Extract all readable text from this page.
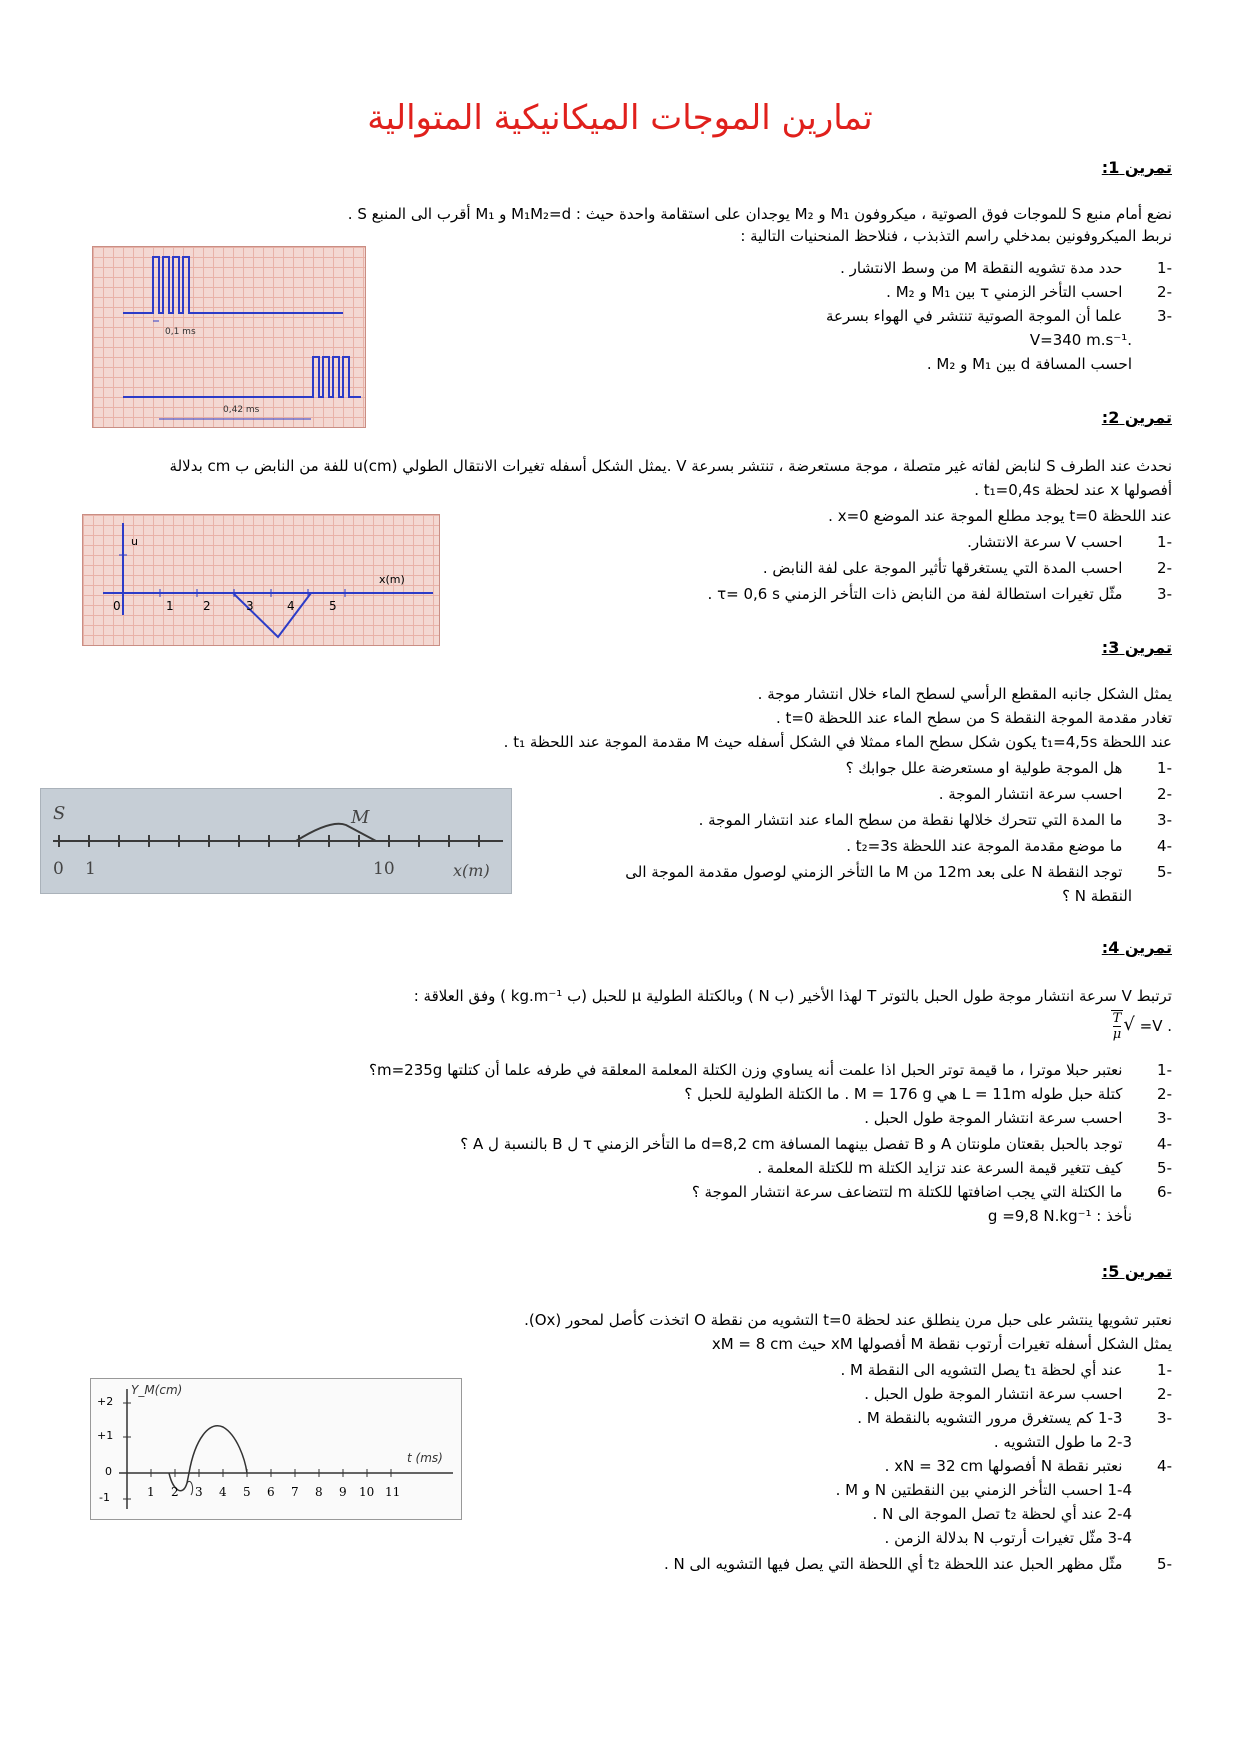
تمارين الموجات الميكانيكية المتوالية
تمرين 1:
نضع أمام منبع S للموجات فوق الصوتية ، ميكروفون M₁ و M₂ يوجدان على استقامة واحدة حيث : M₁M₂=d و M₁ أقرب الى المنبع S .
نربط الميكروفونين بمدخلي راسم التذبذب ، فنلاحظ المنحنيات التالية :
0,1 ms
0,42 ms
-1  حدد مدة تشويه النقطة M من وسط الانتشار .
-2  احسب التأخر الزمني τ بين M₁ و M₂ .
-3  علما أن الموجة الصوتية تنتشر في الهواء بسرعة
.V=340 m.s⁻¹
احسب المسافة d بين M₁ و M₂ .
تمرين 2:
نحدث عند الطرف S لنابض لفاته غير متصلة ، موجة مستعرضة ، تنتشر بسرعة V .يمثل الشكل أسفله تغيرات الانتقال الطولي u(cm) للفة من النابض ب cm بدلالة
أفصولها x عند لحظة t₁=0,4s .
عند اللحظة t=0 يوجد مطلع الموجة عند الموضع x=0 .
u
x(m)
0	1 2	3	4	5
-1  احسب V سرعة الانتشار.
-2  احسب المدة التي يستغرقها تأثير الموجة على لفة النابض .
-3  مثّل تغيرات استطالة لفة من النابض ذات التأخر الزمني τ= 0,6 s .
تمرين 3:
يمثل الشكل جانبه المقطع الرأسي لسطح الماء خلال انتشار موجة .
تغادر مقدمة الموجة النقطة S من سطح الماء عند اللحظة t=0 .
عند اللحظة t₁=4,5s يكون شكل سطح الماء ممثلا في الشكل أسفله حيث M مقدمة الموجة عند اللحظة t₁ .
S	M
0 1	10	x(m)
-1  هل الموجة طولية او مستعرضة علل جوابك ؟
-2  احسب سرعة انتشار الموجة .
-3  ما المدة التي تتحرك خلالها نقطة من سطح الماء عند انتشار الموجة .
-4  ما موضع مقدمة الموجة عند اللحظة t₂=3s .
-5  توجد النقطة N على بعد 12m من M ما التأخر الزمني لوصول مقدمة الموجة الى
النقطة N ؟
تمرين 4:
ترتبط V سرعة انتشار موجة طول الحبل بالتوتر T لهذا الأخير (ب N ) وبالكتلة الطولية μ للحبل (ب kg.m⁻¹ ) وفق العلاقة :
. V= √
$\frac{T}{\mu}$
-1  نعتبر حبلا موترا ، ما قيمة توتر الحبل اذا علمت أنه يساوي وزن الكتلة المعلمة المعلقة في طرفه علما أن كتلتها m=235g؟
-2  كتلة حبل طوله L = 11m هي M = 176 g . ما الكتلة الطولية للحبل ؟
-3  احسب سرعة انتشار الموجة طول الحبل .
-4  توجد بالحبل بقعتان ملونتان A و B تفصل بينهما المسافة d=8,2 cm ما التأخر الزمني τ ل B بالنسبة ل A ؟
-5  كيف تتغير قيمة السرعة عند تزايد الكتلة m للكتلة المعلمة .
-6  ما الكتلة التي يجب اضافتها للكتلة m لتتضاعف سرعة انتشار الموجة ؟
نأخذ : g =9,8 N.kg⁻¹
تمرين 5:
نعتبر تشويها ينتشر على حبل مرن ينطلق عند لحظة t=0 التشويه من نقطة O اتخذت كأصل لمحور (Ox).
يمثل الشكل أسفله تغيرات أرتوب نقطة M أفصولها xM حيث xM = 8 cm
Y_M(cm)
t (ms)
+2
+1
0
-1	1 2 3 4 5 6 7 8 9 10 11
-1  عند أي لحظة t₁ يصل التشويه الى النقطة M .
-2  احسب سرعة انتشار الموجة طول الحبل .
-3  1-3 كم يستغرق مرور التشويه بالنقطة M .
2-3 ما طول التشويه .
-4  نعتبر نقطة N أفصولها xN = 32 cm .
1-4 احسب التأخر الزمني بين النقطتين N و M .
2-4 عند أي لحظة t₂ تصل الموجة الى N .
3-4 مثّل تغيرات أرتوب N بدلالة الزمن .
-5  مثّل مظهر الحبل عند اللحظة t₂ أي اللحظة التي يصل فيها التشويه الى N .
